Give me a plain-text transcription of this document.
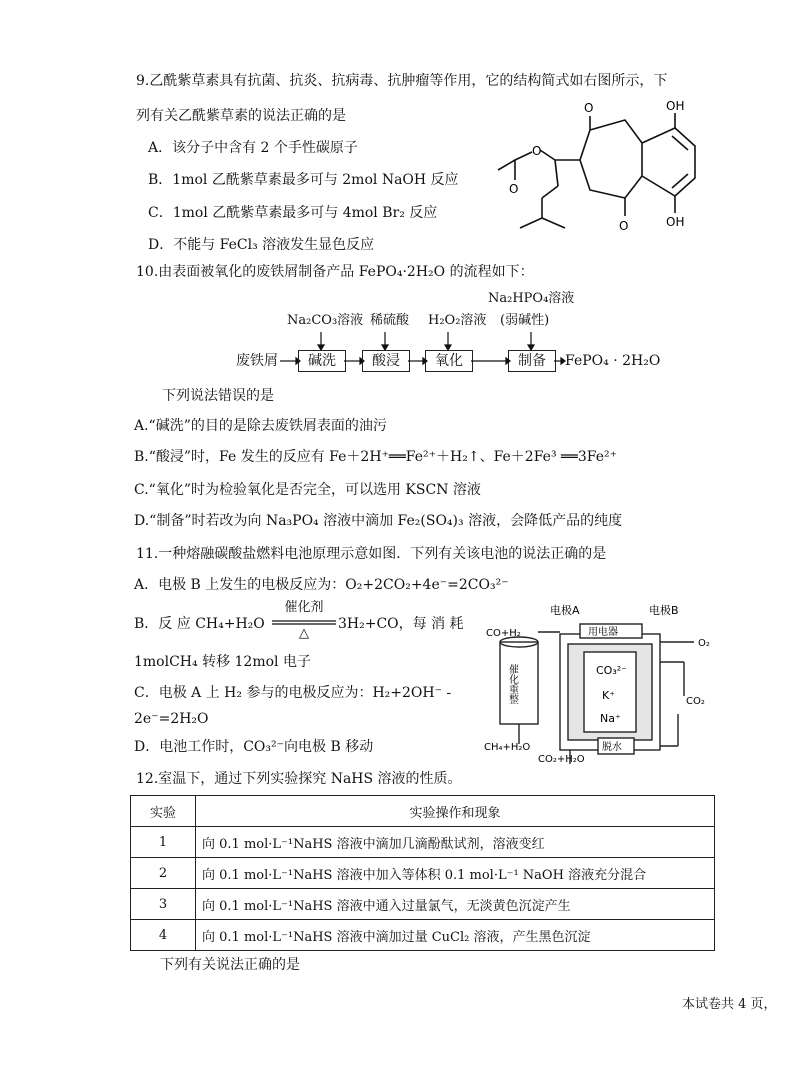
9.乙酰紫草素具有抗菌、抗炎、抗病毒、抗肿瘤等作用，它的结构简式如右图所示，下
列有关乙酰紫草素的说法正确的是
A．该分子中含有 2 个手性碳原子
B．1mol 乙酰紫草素最多可与 2mol NaOH 反应
C．1mol 乙酰紫草素最多可与 4mol Br₂ 反应
D．不能与 FeCl₃ 溶液发生显色反应
O
O
OH
OH
O
O
10.由表面被氧化的废铁屑制备产品 FePO₄·2H₂O 的流程如下：
Na₂CO₃溶液 稀硫酸 H₂O₂溶液
Na₂HPO₄溶液
(弱碱性)
废铁屑	碱洗	酸浸	氧化	制备	FePO₄ · 2H₂O
下列说法错误的是
A.“碱洗”的目的是除去废铁屑表面的油污
B.“酸浸”时，Fe 发生的反应有 Fe＋2H⁺══Fe²⁺＋H₂↑、Fe＋2Fe³ ══3Fe²⁺
C.“氧化”时为检验氧化是否完全，可以选用 KSCN 溶液
D.“制备”时若改为向 Na₃PO₄ 溶液中滴加 Fe₂(SO₄)₃ 溶液，会降低产品的纯度
11.一种熔融碳酸盐燃料电池原理示意如图．下列有关该电池的说法正确的是
A．电极 B 上发生的电极反应为：O₂+2CO₂+4e⁻=2CO₃²⁻
B．反 应 CH₄+H₂O
催化剂
△
3H₂+CO，每 消 耗
1molCH₄ 转移 12mol 电子
C．电极 A 上 H₂ 参与的电极反应为：H₂+2OH⁻ -
2e⁻=2H₂O
D．电池工作时，CO₃²⁻向电极 B 移动
电极A	电极B
用电器
CO+H₂
催化重整
CH₄+H₂O
CO₂+H₂O
O₂
CO₂
脱水
CO₃²⁻
K⁺
Na⁺
12.室温下，通过下列实验探究 NaHS 溶液的性质。
实验	实验操作和现象
1	向 0.1 mol·L⁻¹NaHS 溶液中滴加几滴酚酞试剂，溶液变红
2	向 0.1 mol·L⁻¹NaHS 溶液中加入等体积 0.1 mol·L⁻¹ NaOH 溶液充分混合
3	向 0.1 mol·L⁻¹NaHS 溶液中通入过量氯气，无淡黄色沉淀产生
4	向 0.1 mol·L⁻¹NaHS 溶液中滴加过量 CuCl₂ 溶液，产生黑色沉淀
下列有关说法正确的是
本试卷共 4 页，
